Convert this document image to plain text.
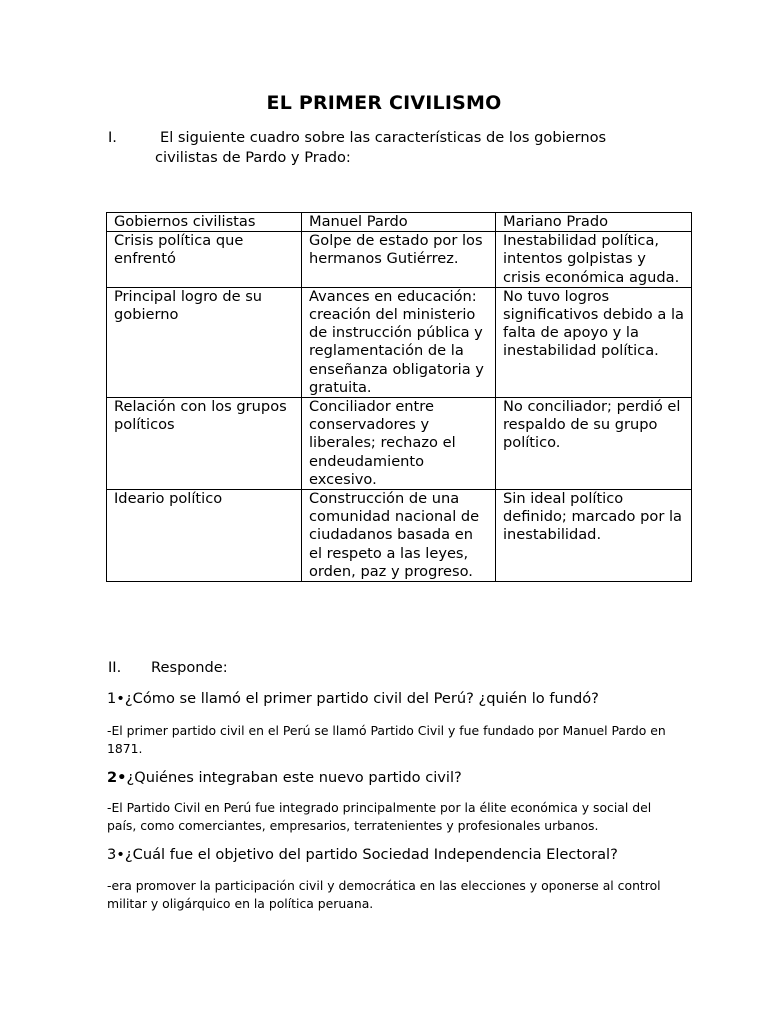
EL PRIMER CIVILISMO
I.	El siguiente cuadro sobre las características de los gobiernos civilistas de Pardo y Prado:
Gobiernos civilistas	Manuel Pardo	Mariano Prado
Crisis política que enfrentó	Golpe de estado por los hermanos Gutiérrez.	Inestabilidad política, intentos golpistas y crisis económica aguda.
Principal logro de su gobierno	Avances en educación: creación del ministerio de instrucción pública y reglamentación de la enseñanza obligatoria y gratuita.	No tuvo logros significativos debido a la falta de apoyo y la inestabilidad política.
Relación con los grupos políticos	Conciliador entre conservadores y liberales; rechazo el endeudamiento excesivo.	No conciliador; perdió el respaldo de su grupo político.
Ideario político	Construcción de una comunidad nacional de ciudadanos basada en el respeto a las leyes, orden, paz y progreso.	Sin ideal político definido; marcado por la inestabilidad.
II. Responde:
1•¿Cómo se llamó el primer partido civil del Perú? ¿quién lo fundó?
-El primer partido civil en el Perú se llamó Partido Civil y fue fundado por Manuel Pardo en 1871.
2•¿Quiénes integraban este nuevo partido civil?
-El Partido Civil en Perú fue integrado principalmente por la élite económica y social del país, como comerciantes, empresarios, terratenientes y profesionales urbanos.
3•¿Cuál fue el objetivo del partido Sociedad Independencia Electoral?
-era promover la participación civil y democrática en las elecciones y oponerse al control militar y oligárquico en la política peruana.
